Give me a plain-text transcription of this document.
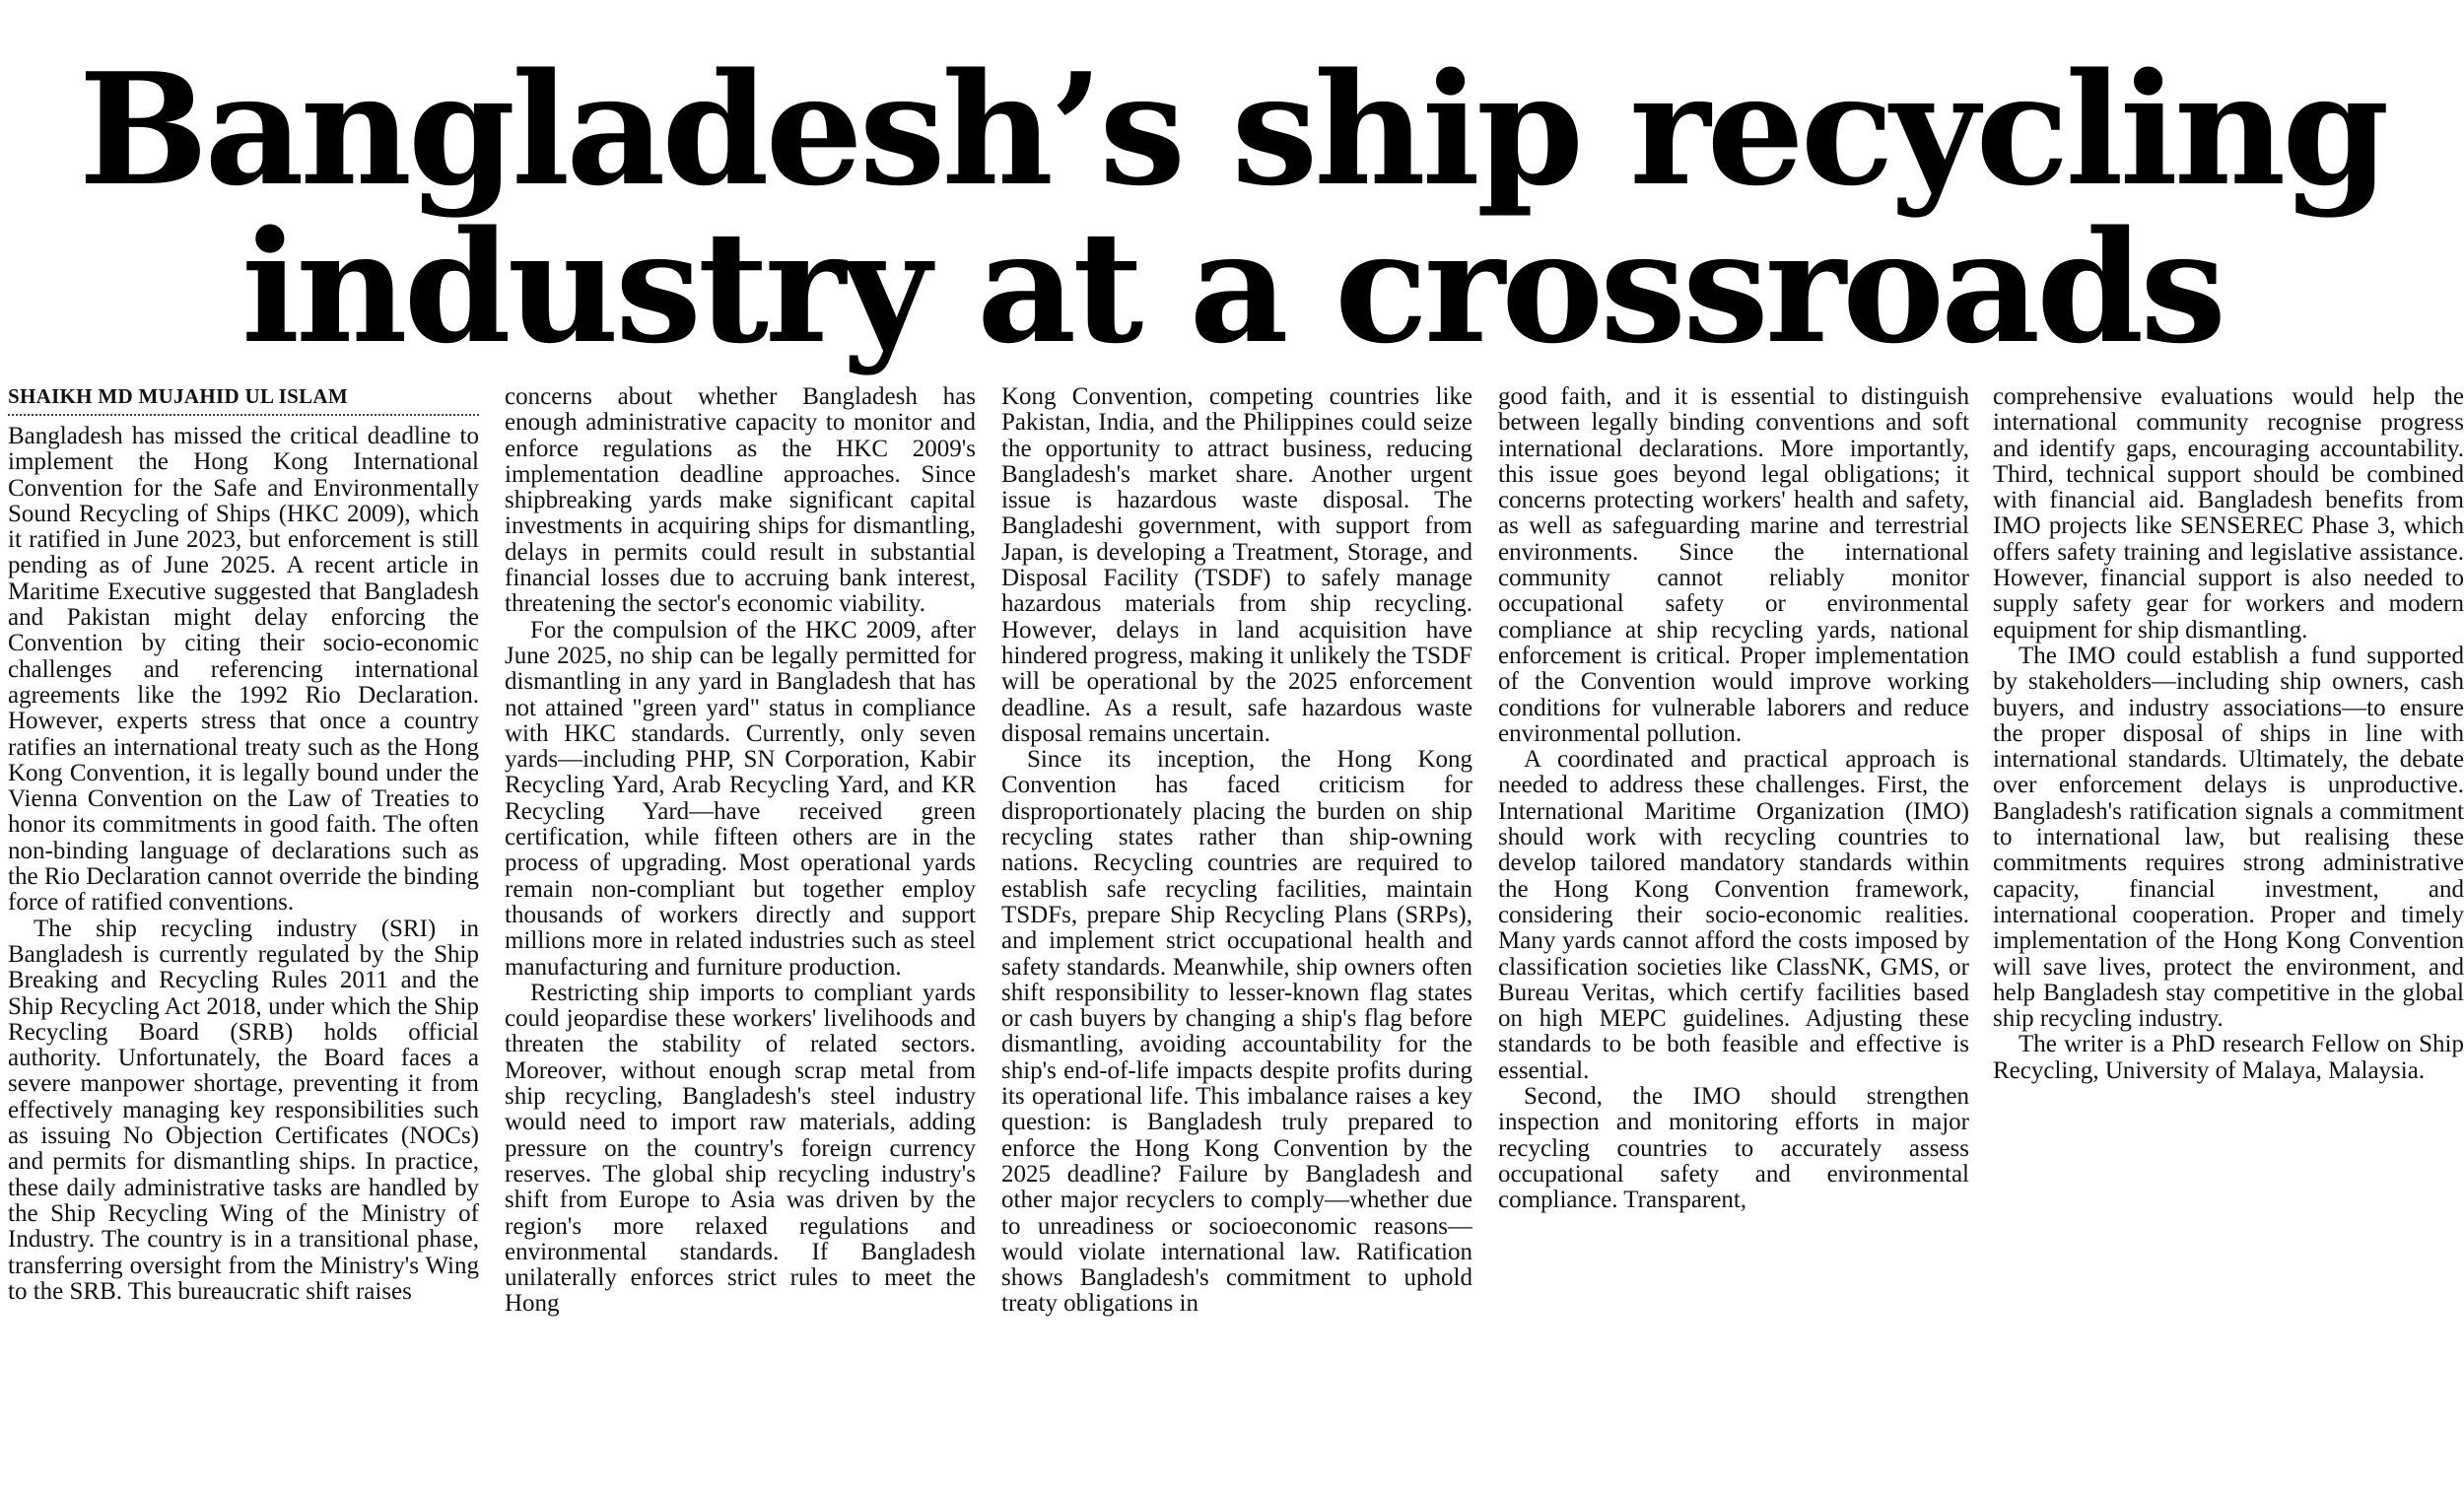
Bangladesh’s ship recycling
industry at a crossroads
SHAIKH MD MUJAHID UL ISLAM

Bangladesh has missed the critical deadline to implement the Hong Kong International Convention for the Safe and Environmentally Sound Recycling of Ships (HKC 2009), which it ratified in June 2023, but enforcement is still pending as of June 2025. A recent article in Maritime Executive suggested that Bangladesh and Pakistan might delay enforcing the Convention by citing their socio-economic challenges and referencing international agreements like the 1992 Rio Declaration. However, experts stress that once a country ratifies an international treaty such as the Hong Kong Convention, it is legally bound under the Vienna Convention on the Law of Treaties to honor its commitments in good faith. The often non-binding language of declarations such as the Rio Declaration cannot override the binding force of ratified conventions.

The ship recycling industry (SRI) in Bangladesh is currently regulated by the Ship Breaking and Recycling Rules 2011 and the Ship Recycling Act 2018, under which the Ship Recycling Board (SRB) holds official authority. Unfortunately, the Board faces a severe manpower shortage, preventing it from effectively managing key responsibilities such as issuing No Objection Certificates (NOCs) and permits for dismantling ships. In practice, these daily administrative tasks are handled by the Ship Recycling Wing of the Ministry of Industry. The country is in a transitional phase, transferring oversight from the Ministry's Wing to the SRB. This bureaucratic shift raises

concerns about whether Bangladesh has enough administrative capacity to monitor and enforce regulations as the HKC 2009's implementation deadline approaches. Since shipbreaking yards make significant capital investments in acquiring ships for dismantling, delays in permits could result in substantial financial losses due to accruing bank interest, threatening the sector's economic viability.

For the compulsion of the HKC 2009, after June 2025, no ship can be legally permitted for dismantling in any yard in Bangladesh that has not attained "green yard" status in compliance with HKC standards. Currently, only seven yards—including PHP, SN Corporation, Kabir Recycling Yard, Arab Recycling Yard, and KR Recycling Yard—have received green certification, while fifteen others are in the process of upgrading. Most operational yards remain non-compliant but together employ thousands of workers directly and support millions more in related industries such as steel manufacturing and furniture production.

Restricting ship imports to compliant yards could jeopardise these workers' livelihoods and threaten the stability of related sectors. Moreover, without enough scrap metal from ship recycling, Bangladesh's steel industry would need to import raw materials, adding pressure on the country's foreign currency reserves. The global ship recycling industry's shift from Europe to Asia was driven by the region's more relaxed regulations and environmental standards. If Bangladesh unilaterally enforces strict rules to meet the Hong

Kong Convention, competing countries like Pakistan, India, and the Philippines could seize the opportunity to attract business, reducing Bangladesh's market share. Another urgent issue is hazardous waste disposal. The Bangladeshi government, with support from Japan, is developing a Treatment, Storage, and Disposal Facility (TSDF) to safely manage hazardous materials from ship recycling. However, delays in land acquisition have hindered progress, making it unlikely the TSDF will be operational by the 2025 enforcement deadline. As a result, safe hazardous waste disposal remains uncertain.

Since its inception, the Hong Kong Convention has faced criticism for disproportionately placing the burden on ship recycling states rather than ship-owning nations. Recycling countries are required to establish safe recycling facilities, maintain TSDFs, prepare Ship Recycling Plans (SRPs), and implement strict occupational health and safety standards. Meanwhile, ship owners often shift responsibility to lesser-known flag states or cash buyers by changing a ship's flag before dismantling, avoiding accountability for the ship's end-of-life impacts despite profits during its operational life. This imbalance raises a key question: is Bangladesh truly prepared to enforce the Hong Kong Convention by the 2025 deadline? Failure by Bangladesh and other major recyclers to comply—whether due to unreadiness or socioeconomic reasons—would violate international law. Ratification shows Bangladesh's commitment to uphold treaty obligations in

good faith, and it is essential to distinguish between legally binding conventions and soft international declarations. More importantly, this issue goes beyond legal obligations; it concerns protecting workers' health and safety, as well as safeguarding marine and terrestrial environments. Since the international community cannot reliably monitor occupational safety or environmental compliance at ship recycling yards, national enforcement is critical. Proper implementation of the Convention would improve working conditions for vulnerable laborers and reduce environmental pollution.

A coordinated and practical approach is needed to address these challenges. First, the International Maritime Organization (IMO) should work with recycling countries to develop tailored mandatory standards within the Hong Kong Convention framework, considering their socio-economic realities. Many yards cannot afford the costs imposed by classification societies like ClassNK, GMS, or Bureau Veritas, which certify facilities based on high MEPC guidelines. Adjusting these standards to be both feasible and effective is essential.

Second, the IMO should strengthen inspection and monitoring efforts in major recycling countries to accurately assess occupational safety and environmental compliance. Transparent,

comprehensive evaluations would help the international community recognise progress and identify gaps, encouraging accountability. Third, technical support should be combined with financial aid. Bangladesh benefits from IMO projects like SENSEREC Phase 3, which offers safety training and legislative assistance. However, financial support is also needed to supply safety gear for workers and modern equipment for ship dismantling.

The IMO could establish a fund supported by stakeholders—including ship owners, cash buyers, and industry associations—to ensure the proper disposal of ships in line with international standards. Ultimately, the debate over enforcement delays is unproductive. Bangladesh's ratification signals a commitment to international law, but realising these commitments requires strong administrative capacity, financial investment, and international cooperation. Proper and timely implementation of the Hong Kong Convention will save lives, protect the environment, and help Bangladesh stay competitive in the global ship recycling industry.

The writer is a PhD research Fellow on Ship Recycling, University of Malaya, Malaysia.
